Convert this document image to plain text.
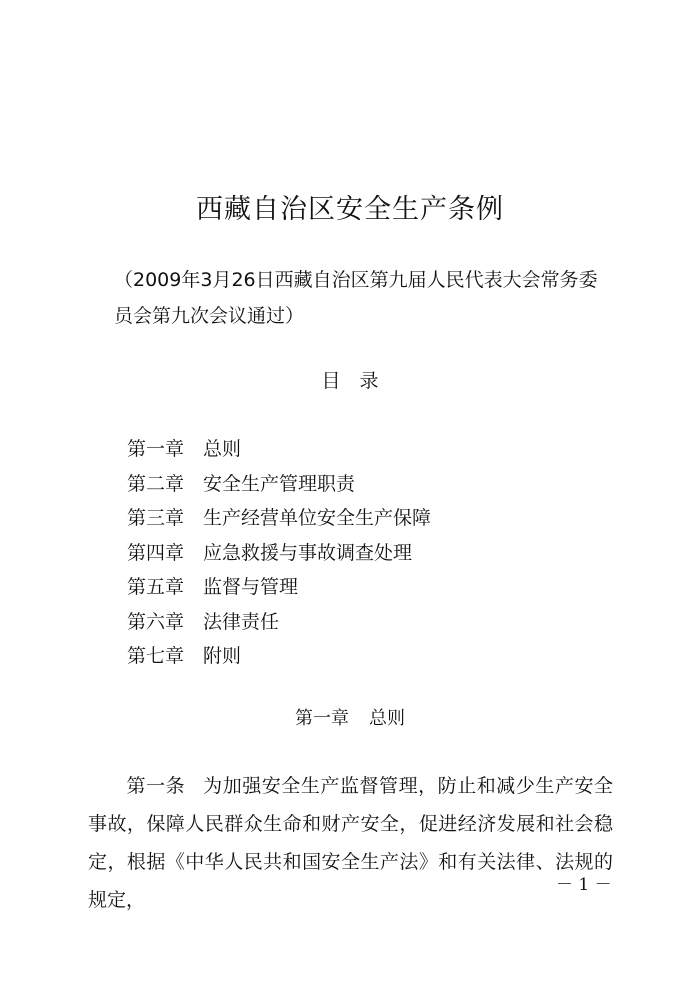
西藏自治区安全生产条例
（2009年3月26日西藏自治区第九届人民代表大会常务委员会第九次会议通过）
目　录
第一章 总则
第二章 安全生产管理职责
第三章 生产经营单位安全生产保障
第四章 应急救援与事故调查处理
第五章 监督与管理
第六章 法律责任
第七章 附则
第一章 总则
第一条 为加强安全生产监督管理，防止和减少生产安全事故，保障人民群众生命和财产安全，促进经济发展和社会稳定，根据《中华人民共和国安全生产法》和有关法律、法规的规定，
－ 1 －
